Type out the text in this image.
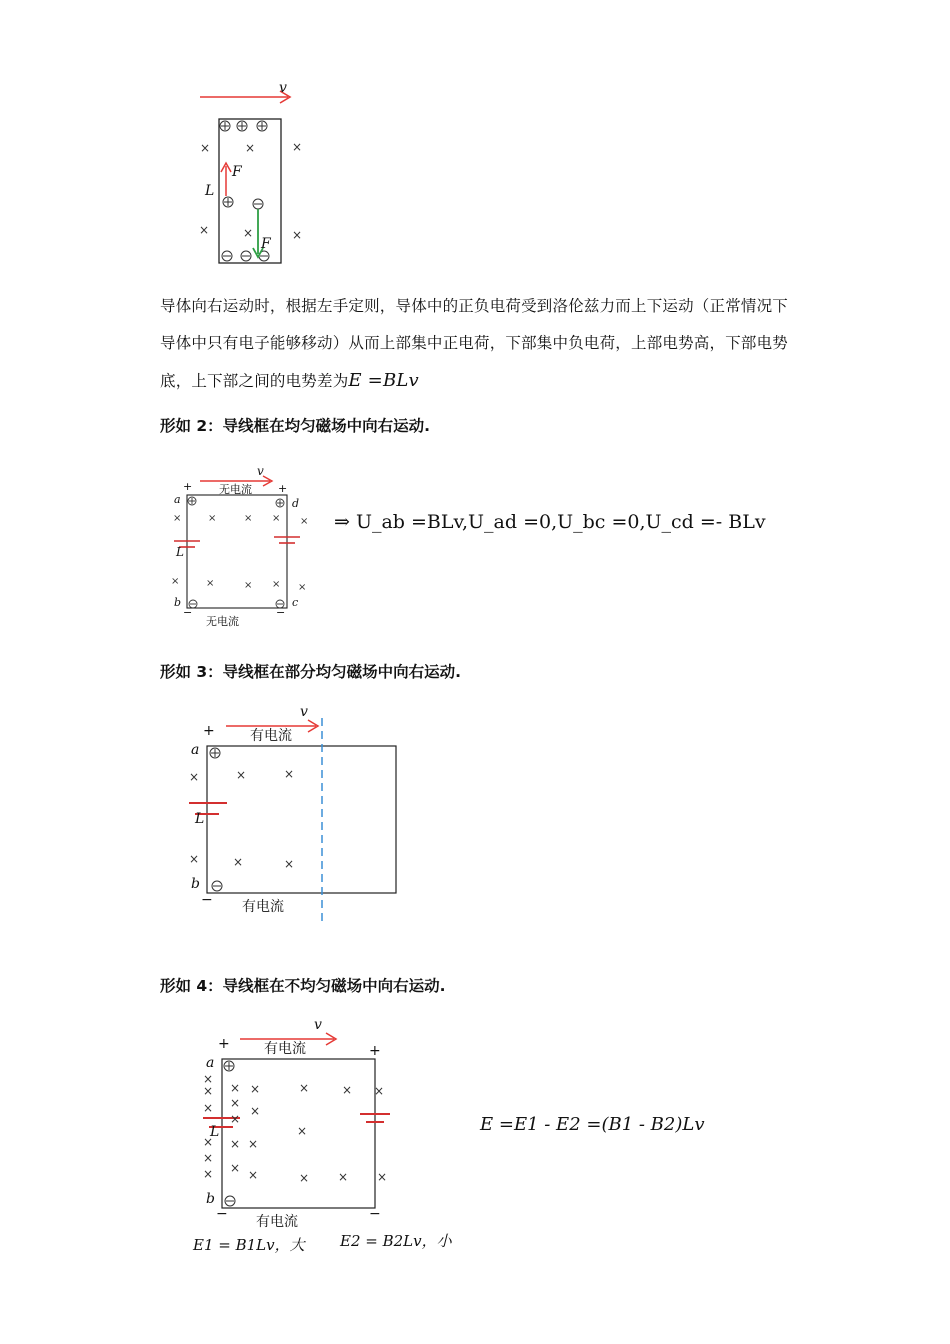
v
F
F
L
×	×	×
×	×	×
导体向右运动时，根据左手定则，导体中的正负电荷受到洛伦兹力而上下运动（正常情况下导体中只有电子能够移动）从而上部集中正电荷，下部集中负电荷，上部电势高，下部电势底，上下部之间的电势差为E =BLv
形如 2：导线框在均匀磁场中向右运动.
v
无电流
无电流
+	+
−	−
a
b	c
d
L
×	×	× × ×
×	×	× × ×
⇒ U_ab =BLv,U_ad =0,U_bc =0,U_cd =- BLv
形如 3：导线框在部分均匀磁场中向右运动.
v
有电流
有电流
+
−
a
b
L
×	×	×
×	×	×
形如 4：导线框在不均匀磁场中向右运动.
v
有电流
有电流
+	+
−	−
a
b
L
×
×
×
×
×
×
×
×
×
×
×
×
×
×
×
×
×
×
×
×
×
×
E =E1 - E2 =(B1 - B2)Lv
E1 = B1Lv，大 E2 = B2Lv，小
